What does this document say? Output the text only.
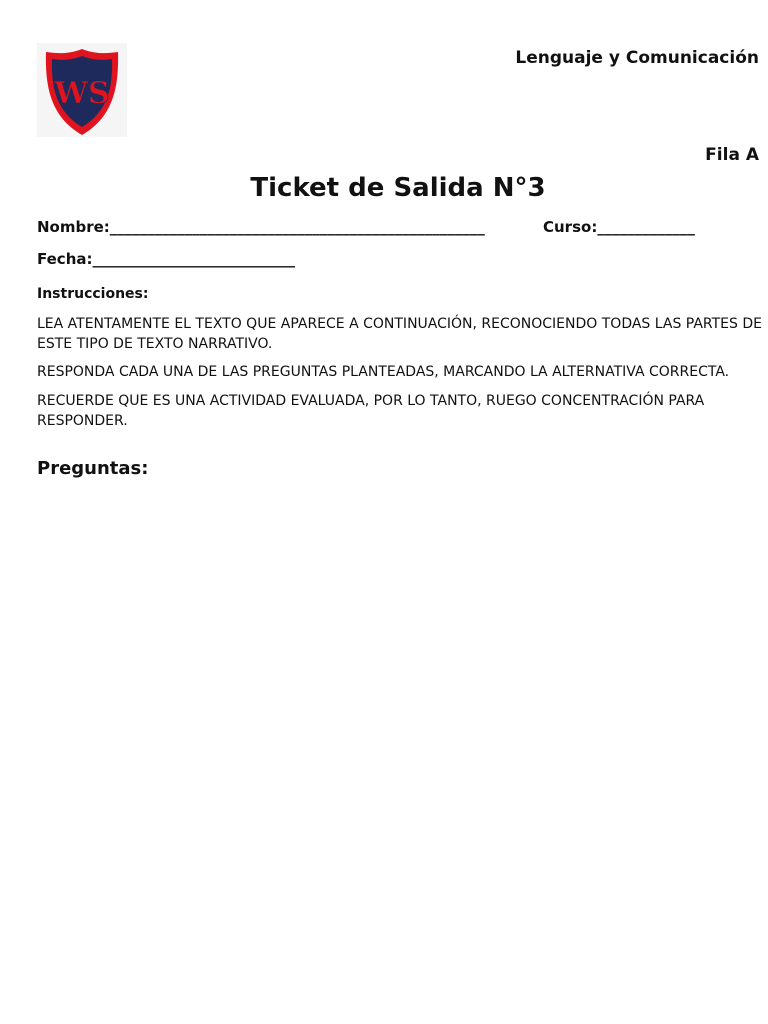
WS
Lenguaje y Comunicación
Fila A
Ticket de Salida N°3
Nombre:__________________________________________________	Curso:_____________
Fecha:___________________________
Instrucciones:
LEA ATENTAMENTE EL TEXTO QUE APARECE A CONTINUACIÓN, RECONOCIENDO TODAS LAS PARTES DE ESTE TIPO DE TEXTO NARRATIVO.
RESPONDA CADA UNA DE LAS PREGUNTAS PLANTEADAS, MARCANDO LA ALTERNATIVA CORRECTA.
RECUERDE QUE ES UNA ACTIVIDAD EVALUADA, POR LO TANTO, RUEGO CONCENTRACIÓN PARA RESPONDER.
Preguntas:
